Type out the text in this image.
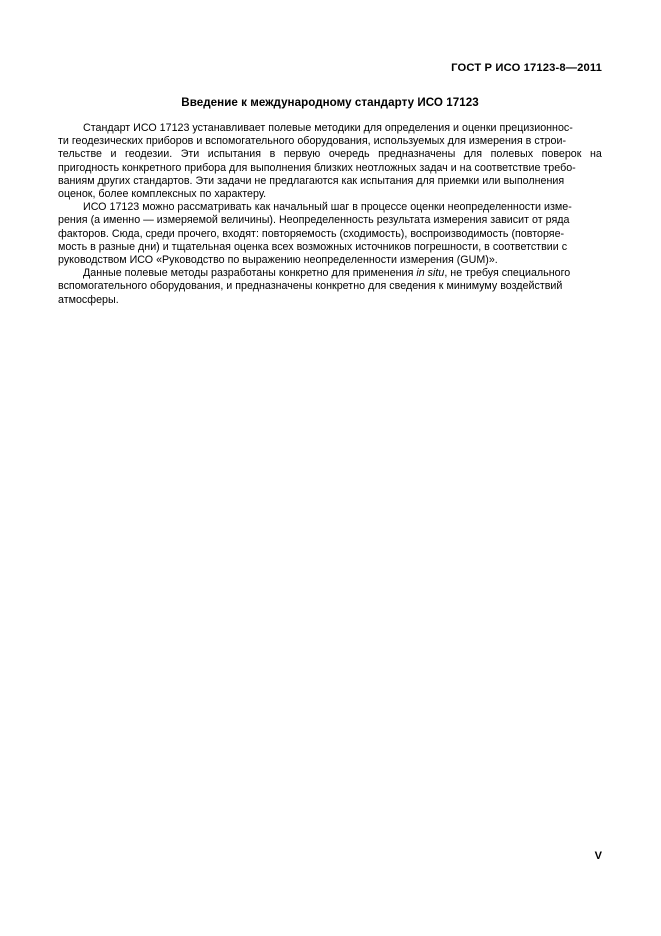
ГОСТ Р ИСО 17123-8—2011
Введение к международному стандарту ИСО 17123

Стандарт ИСО 17123 устанавливает полевые методики для определения и оценки прецизионнос-
ти геодезических приборов и вспомогательного оборудования, используемых для измерения в строи-
тельстве и геодезии. Эти испытания в первую очередь предназначены для полевых поверок на
пригодность конкретного прибора для выполнения близких неотложных задач и на соответствие требо-
ваниям других стандартов. Эти задачи не предлагаются как испытания для приемки или выполнения
оценок, более комплексных по характеру.

ИСО 17123 можно рассматривать как начальный шаг в процессе оценки неопределенности изме-
рения (а именно — измеряемой величины). Неопределенность результата измерения зависит от ряда
факторов. Сюда, среди прочего, входят: повторяемость (сходимость), воспроизводимость (повторяе-
мость в разные дни) и тщательная оценка всех возможных источников погрешности, в соответствии с
руководством ИСО «Руководство по выражению неопределенности измерения (GUM)».

Данные полевые методы разработаны конкретно для применения in situ, не требуя специального
вспомогательного оборудования, и предназначены конкретно для сведения к минимуму воздействий
атмосферы.

V
